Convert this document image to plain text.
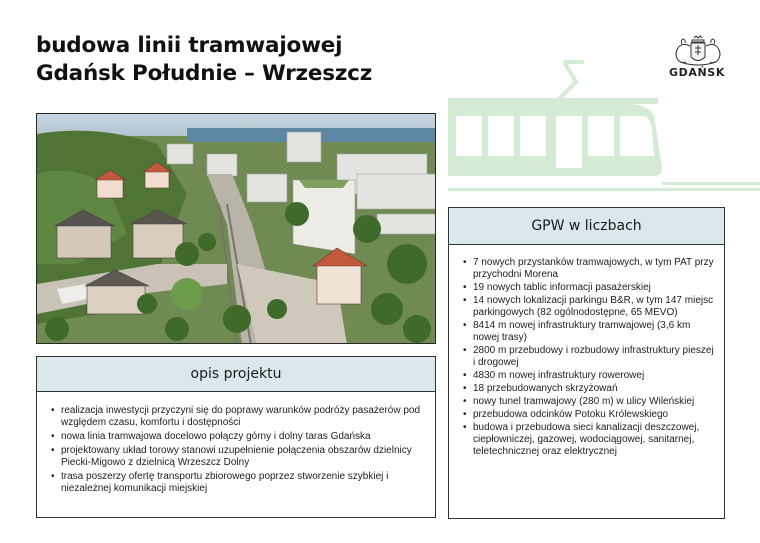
budowa linii tramwajowej
Gdańsk Południe – Wrzeszcz	GDAŃSK
opis projektu
• realizacja inwestycji przyczyni się do poprawy warunków podróży pasażerów pod względem czasu, komfortu i dostępności
• nowa linia tramwajowa docelowo połączy górny i dolny taras Gdańska
• projektowany układ torowy stanowi uzupełnienie połączenia obszarów dzielnicy Piecki-Migowo z dzielnicą Wrzeszcz Dolny
• trasa poszerzy ofertę transportu zbiorowego poprzez stworzenie szybkiej i niezależnej komunikacji miejskiej
GPW w liczbach
• 7 nowych przystanków tramwajowych, w tym PAT przy przychodni Morena
• 19 nowych tablic informacji pasażerskiej
• 14 nowych lokalizacji parkingu B&R, w tym 147 miejsc parkingowych (82 ogólnodostępne, 65 MEVO)
• 8414 m nowej infrastruktury tramwajowej (3,6 km nowej trasy)
• 2800 m przebudowy i rozbudowy infrastruktury pieszej i drogowej
• 4830 m nowej infrastruktury rowerowej
• 18 przebudowanych skrzyżowań
• nowy tunel tramwajowy (280 m) w ulicy Wileńskiej
• przebudowa odcinków Potoku Królewskiego
• budowa i przebudowa sieci kanalizacji deszczowej, ciepłowniczej, gazowej, wodociągowej, sanitarnej, teletechnicznej oraz elektrycznej
